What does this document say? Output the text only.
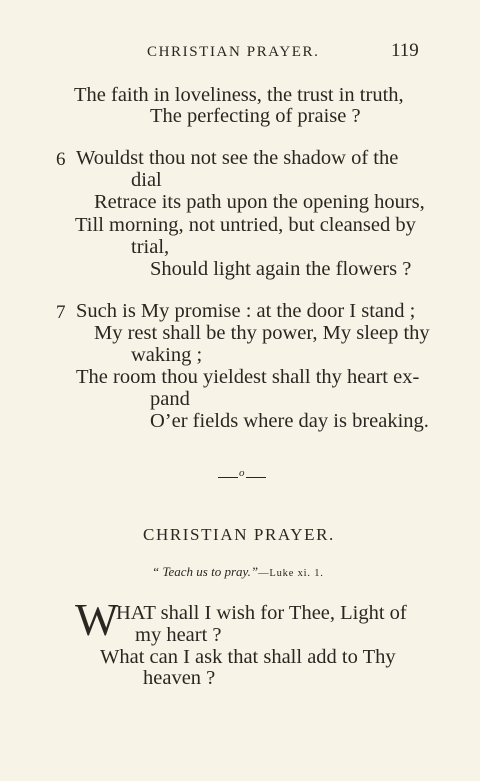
CHRISTIAN PRAYER.	119
The faith in loveliness, the trust in truth,
The perfecting of praise ?
6 Wouldst thou not see the shadow of the
dial
Retrace its path upon the opening hours,
Till morning, not untried, but cleansed by
trial,
Should light again the flowers ?
7 Such is My promise : at the door I stand ;
My rest shall be thy power, My sleep thy
waking ;
The room thou yieldest shall thy heart ex-
pand
O’er fields where day is breaking.
o
CHRISTIAN PRAYER.
“ Teach us to pray.”—Luke xi. 1.
W
HAT shall I wish for Thee, Light of
my heart ?
What can I ask that shall add to Thy
heaven ?
